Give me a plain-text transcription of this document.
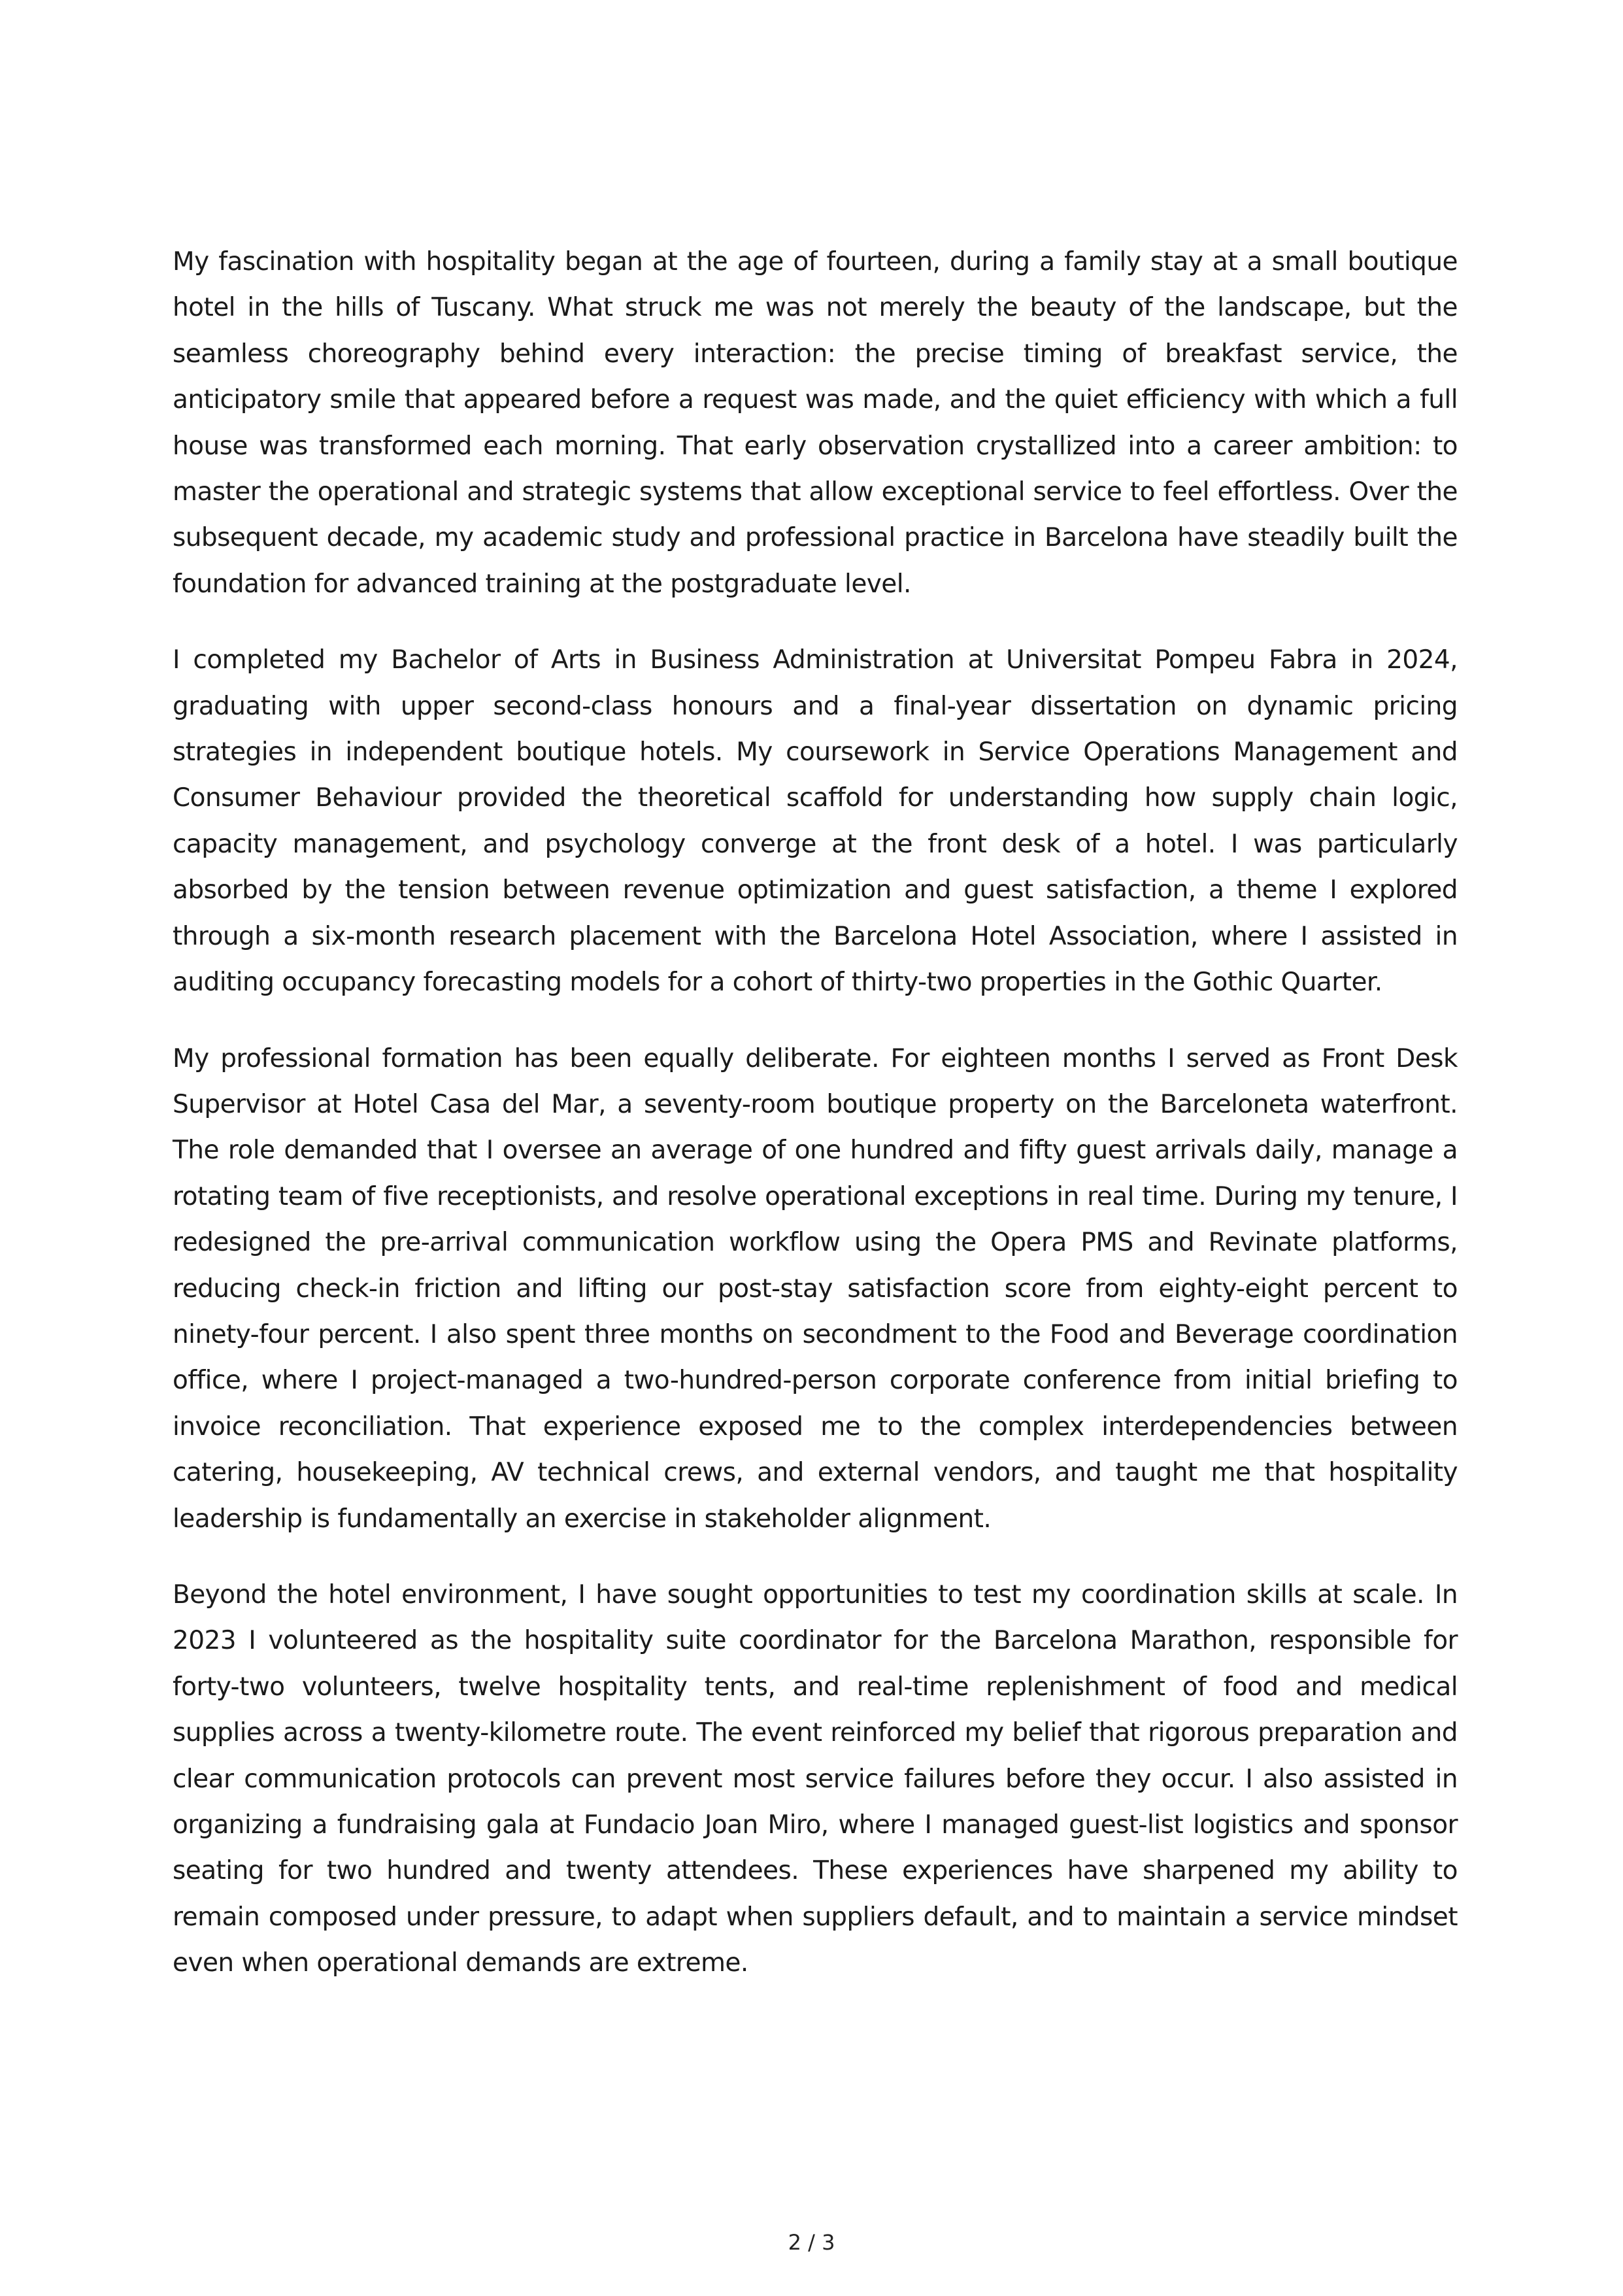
My fascination with hospitality began at the age of fourteen, during a family stay at a small boutique hotel in the hills of Tuscany. What struck me was not merely the beauty of the landscape, but the seamless choreography behind every interaction: the precise timing of breakfast service, the anticipatory smile that appeared before a request was made, and the quiet efficiency with which a full house was transformed each morning. That early observation crystallized into a career ambition: to master the operational and strategic systems that allow exceptional service to feel effortless. Over the subsequent decade, my academic study and professional practice in Barcelona have steadily built the foundation for advanced training at the postgraduate level.

I completed my Bachelor of Arts in Business Administration at Universitat Pompeu Fabra in 2024, graduating with upper second-class honours and a final-year dissertation on dynamic pricing strategies in independent boutique hotels. My coursework in Service Operations Management and Consumer Behaviour provided the theoretical scaffold for understanding how supply chain logic, capacity management, and psychology converge at the front desk of a hotel. I was particularly absorbed by the tension between revenue optimization and guest satisfaction, a theme I explored through a six-month research placement with the Barcelona Hotel Association, where I assisted in auditing occupancy forecasting models for a cohort of thirty-two properties in the Gothic Quarter.

My professional formation has been equally deliberate. For eighteen months I served as Front Desk Supervisor at Hotel Casa del Mar, a seventy-room boutique property on the Barceloneta waterfront. The role demanded that I oversee an average of one hundred and fifty guest arrivals daily, manage a rotating team of five receptionists, and resolve operational exceptions in real time. During my tenure, I redesigned the pre-arrival communication workflow using the Opera PMS and Revinate platforms, reducing check-in friction and lifting our post-stay satisfaction score from eighty-eight percent to ninety-four percent. I also spent three months on secondment to the Food and Beverage coordination office, where I project-managed a two-hundred-person corporate conference from initial briefing to invoice reconciliation. That experience exposed me to the complex interdependencies between catering, housekeeping, AV technical crews, and external vendors, and taught me that hospitality leadership is fundamentally an exercise in stakeholder alignment.

Beyond the hotel environment, I have sought opportunities to test my coordination skills at scale. In 2023 I volunteered as the hospitality suite coordinator for the Barcelona Marathon, responsible for forty-two volunteers, twelve hospitality tents, and real-time replenishment of food and medical supplies across a twenty-kilometre route. The event reinforced my belief that rigorous preparation and clear communication protocols can prevent most service failures before they occur. I also assisted in organizing a fundraising gala at Fundacio Joan Miro, where I managed guest-list logistics and sponsor seating for two hundred and twenty attendees. These experiences have sharpened my ability to remain composed under pressure, to adapt when suppliers default, and to maintain a service mindset even when operational demands are extreme.

2 / 3
